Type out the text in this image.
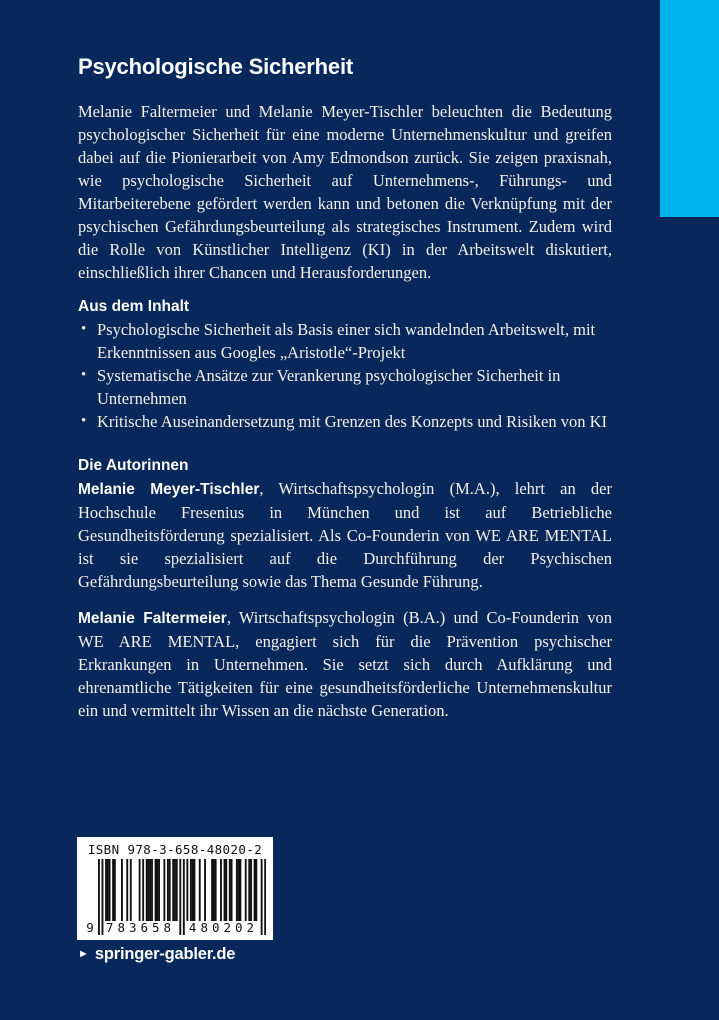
Psychologische Sicherheit

Melanie Faltermeier und Melanie Meyer-Tischler beleuchten die Bedeutung psychologischer Sicherheit für eine moderne Unternehmenskultur und greifen dabei auf die Pionierarbeit von Amy Edmondson zurück. Sie zeigen praxisnah, wie psychologische Sicherheit auf Unternehmens-, Führungs- und Mitarbeiterebene gefördert werden kann und betonen die Verknüpfung mit der psychischen Gefährdungsbeurteilung als strategisches Instrument. Zudem wird die Rolle von Künstlicher Intelligenz (KI) in der Arbeitswelt diskutiert, einschließlich ihrer Chancen und Herausforderungen.

Aus dem Inhalt
• Psychologische Sicherheit als Basis einer sich wandelnden Arbeitswelt, mit Erkenntnissen aus Googles „Aristotle“-Projekt
• Systematische Ansätze zur Verankerung psychologischer Sicherheit in Unternehmen
• Kritische Auseinandersetzung mit Grenzen des Konzepts und Risiken von KI
Die Autorinnen

Melanie Meyer-Tischler, Wirtschaftspsychologin (M.A.), lehrt an der Hochschule Fresenius in München und ist auf Betriebliche Gesundheitsförderung spezialisiert. Als Co-Founderin von WE ARE MENTAL ist sie spezialisiert auf die Durchführung der Psychischen Gefährdungsbeurteilung sowie das Thema Gesunde Führung.

Melanie Faltermeier, Wirtschaftspsychologin (B.A.) und Co-Founderin von WE ARE MENTAL, engagiert sich für die Prävention psychischer Erkrankungen in Unternehmen. Sie setzt sich durch Aufklärung und ehrenamtliche Tätigkeiten für eine gesundheitsförderliche Unternehmenskultur ein und vermittelt ihr Wissen an die nächste Generation.

ISBN 978-3-658-48020-2
9 783658 480202
► springer-gabler.de
